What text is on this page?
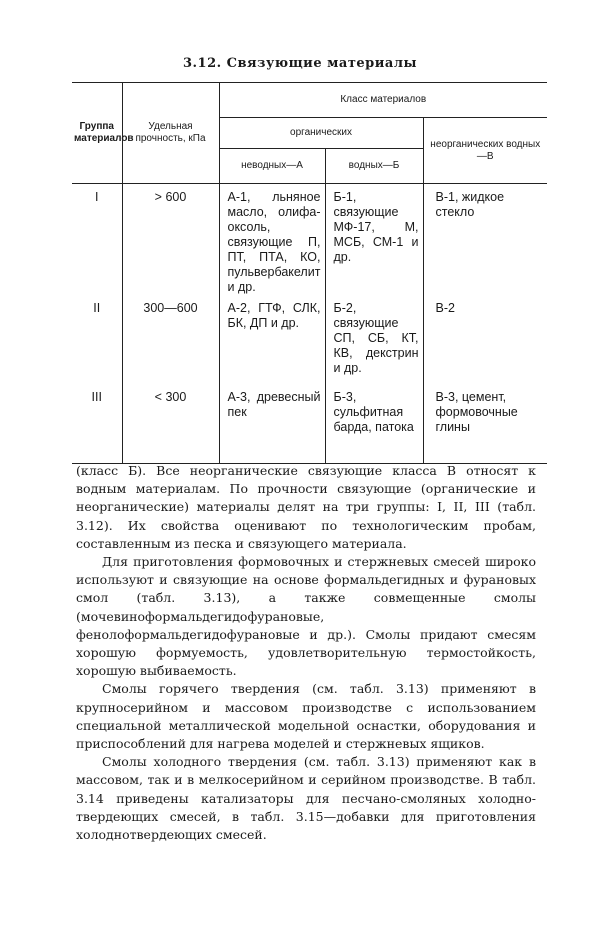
3.12. Связующие материалы
Группа материалов	Удельная прочность, кПа	Класс материалов		
		органических		неорганических водных—В
		неводных—А	водных—Б	
I	> 600	А-1, льняное масло, олифа-оксоль, связующие П, ПТ, ПТА, КО, пульвербакелит и др.	Б-1, связующие МФ-17, М, МСБ, СМ-1 и др.	В-1, жидкое стекло
II	300—600	А-2, ГТФ, СЛК, БК, ДП и др.	Б-2, связующие СП, СБ, КТ, КВ, декстрин и др.	В-2
III	< 300	А-3, древесный пек	Б-3, сульфитная барда, патока	В-3, цемент, формовочные глины

(класс Б). Все неорганические связующие класса В относят к водным материалам. По прочности связующие (органические и неорганические) материалы делят на три группы: I, II, III (табл. 3.12). Их свойства оценивают по технологическим пробам, составленным из песка и связующего материала.

Для приготовления формовочных и стержневых смесей широко используют и связующие на основе формальдегидных и фурановых смол (табл. 3.13), а также совмещенные смолы (мочевиноформальдегидофурановые, фенолоформальдегидофурановые и др.). Смолы придают смесям хорошую формуемость, удовлетворительную термостойкость, хорошую выбиваемость.

Смолы горячего твердения (см. табл. 3.13) применяют в крупносерийном и массовом производстве с использованием специальной металлической модельной оснастки, оборудования и приспособлений для нагрева моделей и стержневых ящиков.

Смолы холодного твердения (см. табл. 3.13) применяют как в массовом, так и в мелкосерийном и серийном производстве. В табл. 3.14 приведены катализаторы для песчано-смоляных холодно-твердеющих смесей, в табл. 3.15—добавки для приготовления холоднотвердеющих смесей.
